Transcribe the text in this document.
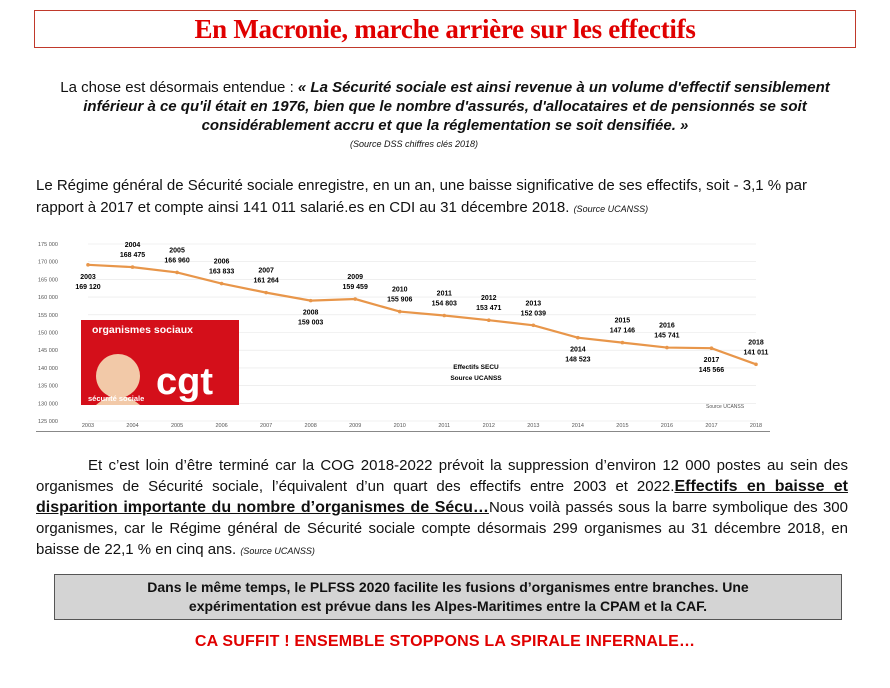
En Macronie, marche arrière sur les effectifs
La chose est désormais entendue : « La Sécurité sociale est ainsi revenue à un volume d'effectif sensiblement inférieur à ce qu'il était en 1976, bien que le nombre d'assurés, d'allocataires et de pensionnés se soit considérablement accru et que la réglementation se soit densifiée. »
(Source DSS chiffres clés 2018)
Le Régime général de Sécurité sociale enregistre, en un an, une baisse significative de ses effectifs, soit - 3,1 % par rapport à 2017 et compte ainsi 141 011 salarié.es en CDI au 31 décembre 2018. (Source UCANSS)
125 000
130 000
135 000
140 000
145 000
150 000
155 000
160 000
165 000
170 000
175 000
2003	2004	2005	2006	2007	2008	2009	2010	2011	2012	2013	2014	2015	2016	2017	2018
2003
169 120
2004
168 475
2005
166 960	2006
163 833	2007
161 264
2008
159 003
2009
159 459	2010
155 906
2011
154 803
2012
153 471
2013
152 039
2014
148 523
2015
147 146
2016
145 741
2017
145 566
2018
141 011
organismes sociaux
cgt
sécurité sociale
Effectifs SECU
Source UCANSS
Source UCANSS
Et c’est loin d’être terminé car la COG 2018-2022 prévoit la suppression d’environ 12 000 postes au sein des organismes de Sécurité sociale, l’équivalent d’un quart des effectifs entre 2003 et 2022.Effectifs en baisse et disparition importante du nombre d’organismes de Sécu…Nous voilà passés sous la barre symbolique des 300 organismes, car le Régime général de Sécurité sociale compte désormais 299 organismes au 31 décembre 2018, en baisse de 22,1 % en cinq ans. (Source UCANSS)
Dans le même temps, le PLFSS 2020 facilite les fusions d’organismes entre branches. Une
expérimentation est prévue dans les Alpes-Maritimes entre la CPAM et la CAF.
CA SUFFIT ! ENSEMBLE STOPPONS LA SPIRALE INFERNALE…
